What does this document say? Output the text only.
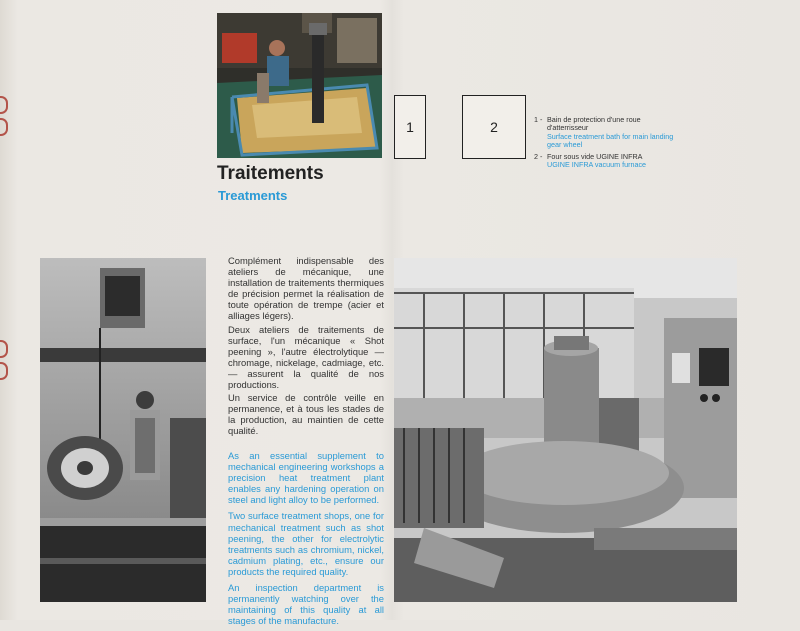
1	2	1 - Bain de protection d'une roue d'atterrisseur
Surface treatment bath for main landing gear wheel
2 - Four sous vide UGINE INFRA
UGINE INFRA vacuum furnace
Traitements
Treatments

Complément indispensable des ateliers de mécanique, une installation de traitements thermiques de précision permet la réalisation de toute opération de trempe (acier et alliages légers).

Deux ateliers de traitements de surface, l'un mécanique « Shot peening », l'autre électrolytique — chromage, nickelage, cadmiage, etc. — assurent la qualité de nos productions.

Un service de contrôle veille en permanence, et à tous les stades de la production, au maintien de cette qualité.

As an essential supplement to mechanical engineering workshops a precision heat treatment plant enables any hardening operation on steel and light alloy to be performed.

Two surface treatment shops, one for mechanical treatment such as shot peening, the other for electrolytic treatments such as chromium, nickel, cadmium plating, etc., ensure our products the required quality.

An inspection department is permanently watching over the maintaining of this quality at all stages of the manufacture.
